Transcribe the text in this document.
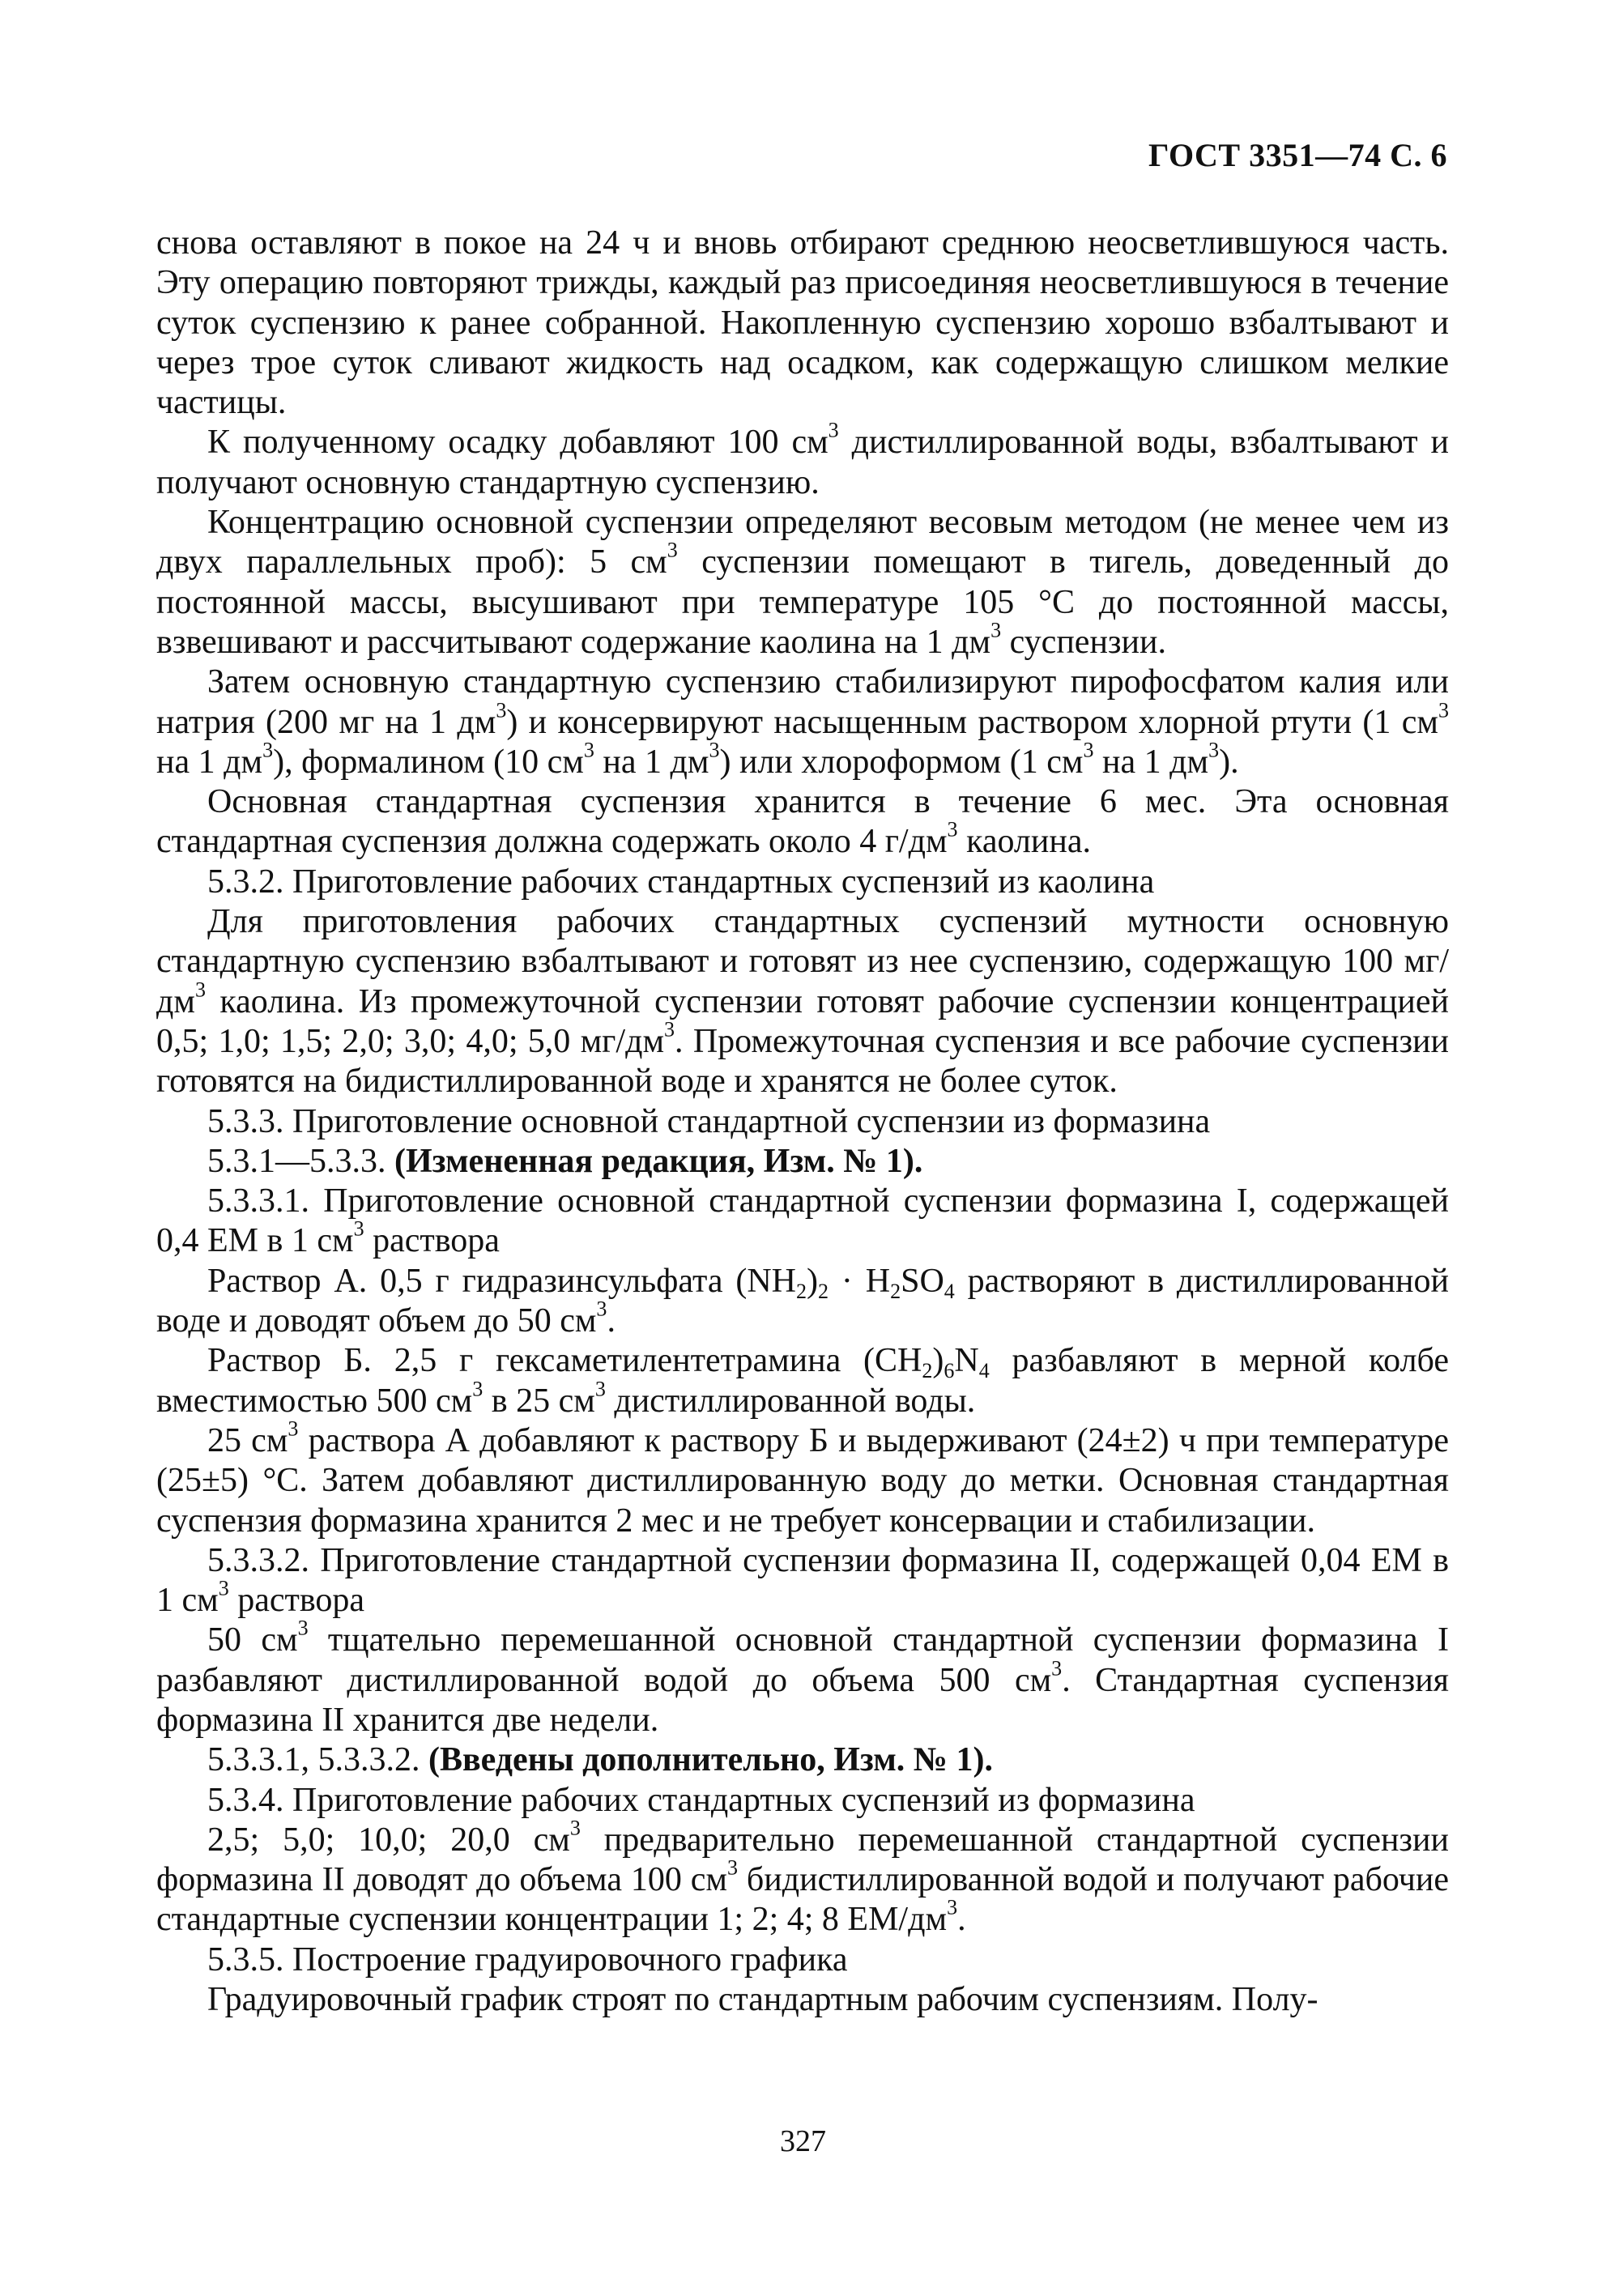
ГОСТ 3351—74 С. 6

снова оставляют в покое на 24 ч и вновь отбирают среднюю неосветлившуюся часть. Эту операцию повторяют трижды, каждый раз присоединяя неосветлившуюся в течение суток суспензию к ранее собранной. Накопленную суспензию хорошо взбалтывают и через трое суток сливают жидкость над осадком, как содержащую слишком мелкие частицы.

К полученному осадку добавляют 100 $см^3$ дистиллированной воды, взбалтывают и получают основную стандартную суспензию.

Концентрацию основной суспензии определяют весовым методом (не менее чем из двух параллельных проб): 5 $см^3$ суспензии помещают в тигель, доведенный до постоянной массы, высушивают при температуре 105 °С до постоянной массы, взвешивают и рассчитывают содержание каолина на 1 $дм^3$ суспензии.

Затем основную стандартную суспензию стабилизируют пирофосфатом калия или натрия (200 мг на 1 $дм^3$) и консервируют насыщенным раствором хлорной ртути (1 $см^3$ на 1 $дм^3$), формалином (10 $см^3$ на 1 $дм^3$) или хлороформом (1 $см^3$ на 1 $дм^3$).

Основная стандартная суспензия хранится в течение 6 мес. Эта основная стандартная суспензия должна содержать около 4 $г/дм^3$ каолина.

5.3.2. Приготовление рабочих стандартных суспензий из каолина

Для приготовления рабочих стандартных суспензий мутности основную стандартную суспензию взбалтывают и готовят из нее суспензию, содержащую 100 $мг/дм^3$ каолина. Из промежуточной суспензии готовят рабочие суспензии концентрацией 0,5; 1,0; 1,5; 2,0; 3,0; 4,0; 5,0 $мг/дм^3$. Промежуточная суспензия и все рабочие суспензии готовятся на бидистиллированной воде и хранятся не более суток.

5.3.3. Приготовление основной стандартной суспензии из формазина

5.3.1—5.3.3. (Измененная редакция, Изм. № 1).

5.3.3.1. Приготовление основной стандартной суспензии формазина I, содержащей 0,4 ЕМ в 1 $см^3$ раствора

Раствор А. 0,5 г гидразинсульфата $(NH_2)_2 \cdot H_2SO_4$ растворяют в дистиллированной воде и доводят объем до 50 $см^3$.

Раствор Б. 2,5 г гексаметилентетрамина $(CH_2)_6N_4$ разбавляют в мерной колбе вместимостью 500 $см^3$ в 25 $см^3$ дистиллированной воды.

25 $см^3$ раствора А добавляют к раствору Б и выдерживают (24±2) ч при температуре (25±5) °С. Затем добавляют дистиллированную воду до метки. Основная стандартная суспензия формазина хранится 2 мес и не требует консервации и стабилизации.

5.3.3.2. Приготовление стандартной суспензии формазина II, содержащей 0,04 ЕМ в 1 $см^3$ раствора

50 $см^3$ тщательно перемешанной основной стандартной суспензии формазина I разбавляют дистиллированной водой до объема 500 $см^3$. Стандартная суспензия формазина II хранится две недели.

5.3.3.1, 5.3.3.2. (Введены дополнительно, Изм. № 1).

5.3.4. Приготовление рабочих стандартных суспензий из формазина

2,5; 5,0; 10,0; 20,0 $см^3$ предварительно перемешанной стандартной суспензии формазина II доводят до объема 100 $см^3$ бидистиллированной водой и получают рабочие стандартные суспензии концентрации 1; 2; 4; 8 $ЕМ/дм^3$.

5.3.5. Построение градуировочного графика

Градуировочный график строят по стандартным рабочим суспензиям. Полу-

327
